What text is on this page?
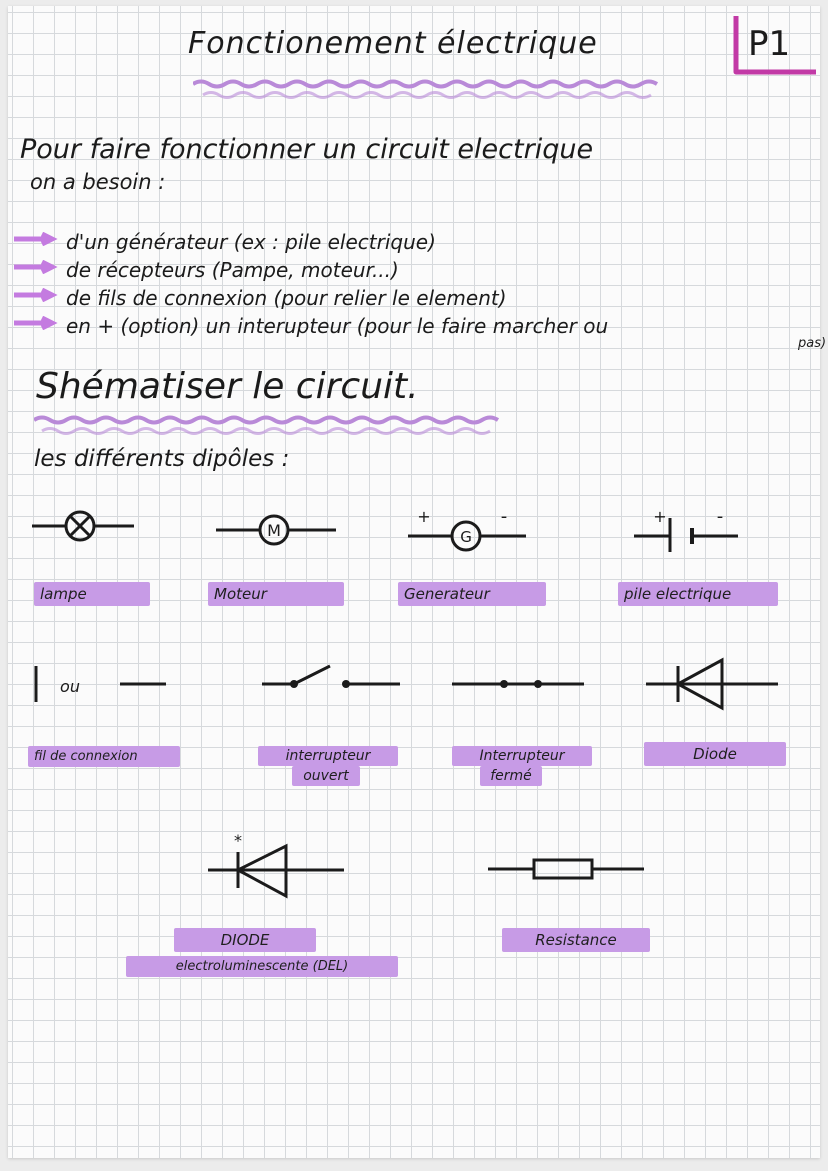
Fonctionement électrique	P1
Pour faire fonctionner un circuit electrique
on a besoin :
d'un générateur (ex : pile electrique)
de récepteurs (Pampe, moteur...)
de fils de connexion (pour relier le element)
en + (option) un interupteur (pour le faire marcher ou
pas)
Shématiser le circuit.
les différents dipôles :
M
+	-
G
+	-
lampe	Moteur	Generateur	pile electrique
ou
fil de connexion	interrupteur
ouvert
Interrupteur
fermé
Diode
*
DIODE
electroluminescente (DEL)
Resistance
